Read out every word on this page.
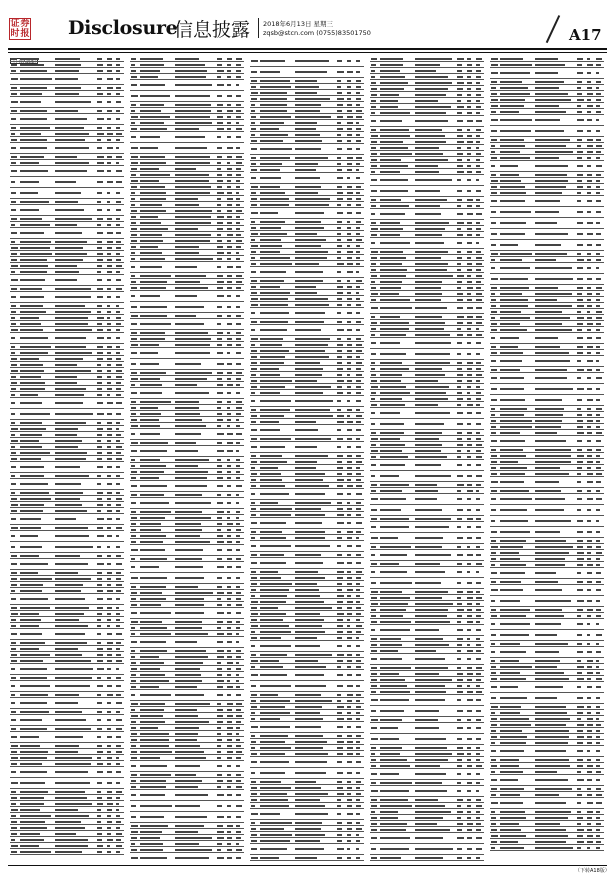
证 券
时 报 Disclosure
信息披露 2018年6月13日 星期三
zqsb@stcn.com (0755)83501750	A17
（上接A16版）
（下转A18版）
